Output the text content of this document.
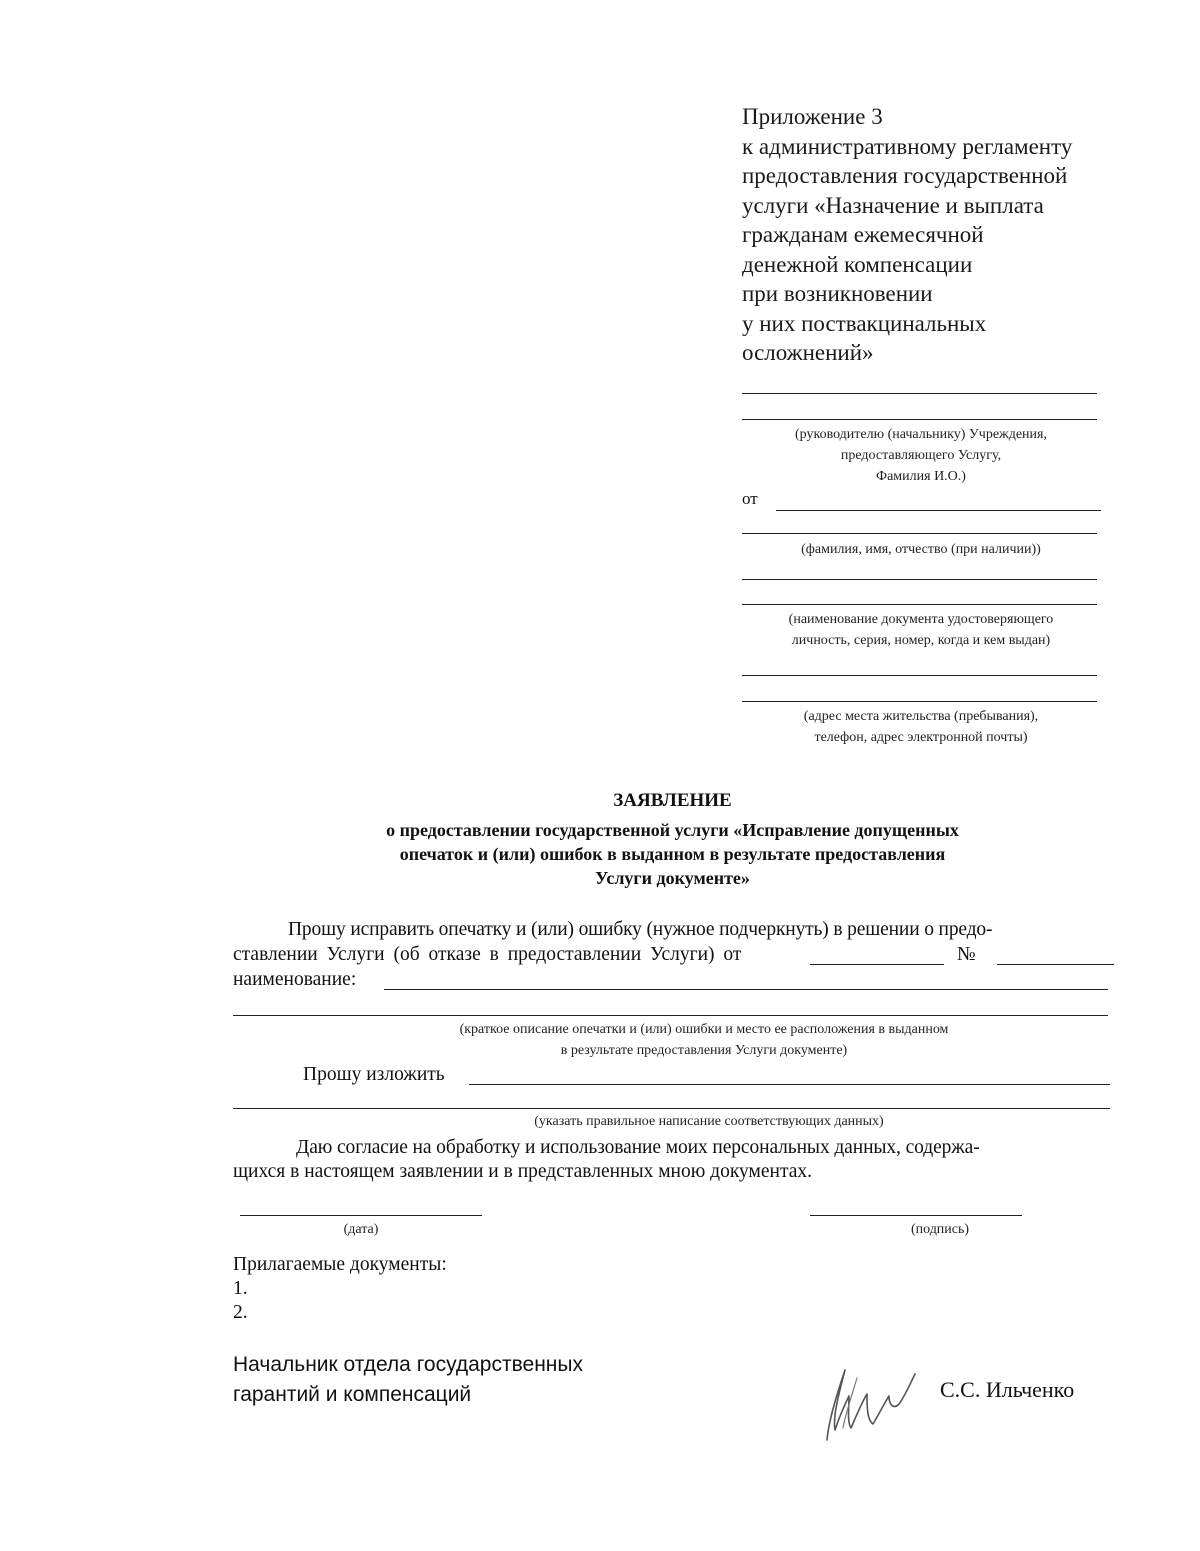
Приложение 3
к административному регламенту
предоставления государственной
услуги «Назначение и выплата
гражданам ежемесячной
денежной компенсации
при возникновении
у них поствакцинальных
осложнений»
(руководителю (начальнику) Учреждения,
предоставляющего Услугу,
Фамилия И.О.)
от
(фамилия, имя, отчество (при наличии))
(наименование документа удостоверяющего
личность, серия, номер, когда и кем выдан)
(адрес места жительства (пребывания),
телефон, адрес электронной почты)
ЗАЯВЛЕНИЕ
о предоставлении государственной услуги «Исправление допущенных
опечаток и (или) ошибок в выданном в результате предоставления
Услуги документе»
Прошу исправить опечатку и (или) ошибку (нужное подчеркнуть) в решении о предо-
ставлении Услуги (об отказе в предоставлении Услуги) от	№
наименование:
(краткое описание опечатки и (или) ошибки и место ее расположения в выданном
в результате предоставления Услуги документе)
Прошу изложить
(указать правильное написание соответствующих данных)
Даю согласие на обработку и использование моих персональных данных, содержа-
щихся в настоящем заявлении и в представленных мною документах.
(дата)	(подпись)
Прилагаемые документы:
1.
2.
Начальник отдела государственных
гарантий и компенсаций	С.С. Ильченко
